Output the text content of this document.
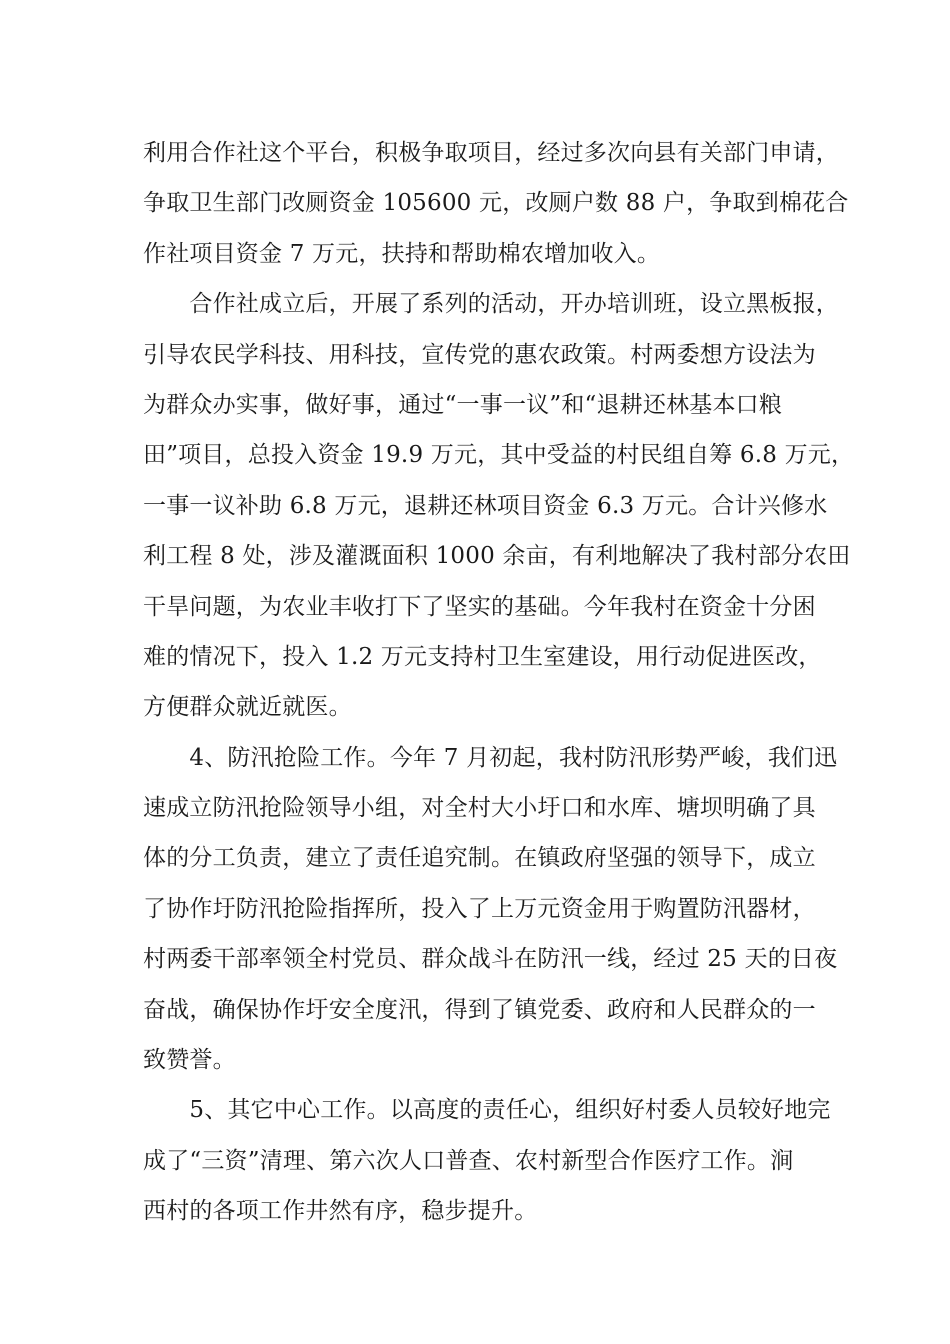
利用合作社这个平台，积极争取项目，经过多次向县有关部门申请，
争取卫生部门改厕资金 105600 元，改厕户数 88 户，争取到棉花合
作社项目资金 7 万元，扶持和帮助棉农增加收入。
　　合作社成立后，开展了系列的活动，开办培训班，设立黑板报，
引导农民学科技、用科技，宣传党的惠农政策。村两委想方设法为
为群众办实事，做好事，通过“一事一议”和“退耕还林基本口粮
田”项目，总投入资金 19.9 万元，其中受益的村民组自筹 6.8 万元，
一事一议补助 6.8 万元，退耕还林项目资金 6.3 万元。合计兴修水
利工程 8 处，涉及灌溉面积 1000 余亩，有利地解决了我村部分农田
干旱问题，为农业丰收打下了坚实的基础。今年我村在资金十分困
难的情况下，投入 1.2 万元支持村卫生室建设，用行动促进医改，
方便群众就近就医。
　　4、防汛抢险工作。今年 7 月初起，我村防汛形势严峻，我们迅
速成立防汛抢险领导小组，对全村大小圩口和水库、塘坝明确了具
体的分工负责，建立了责任追究制。在镇政府坚强的领导下，成立
了协作圩防汛抢险指挥所，投入了上万元资金用于购置防汛器材，
村两委干部率领全村党员、群众战斗在防汛一线，经过 25 天的日夜
奋战，确保协作圩安全度汛，得到了镇党委、政府和人民群众的一
致赞誉。
　　5、其它中心工作。以高度的责任心，组织好村委人员较好地完
成了“三资”清理、第六次人口普查、农村新型合作医疗工作。涧
西村的各项工作井然有序，稳步提升。
